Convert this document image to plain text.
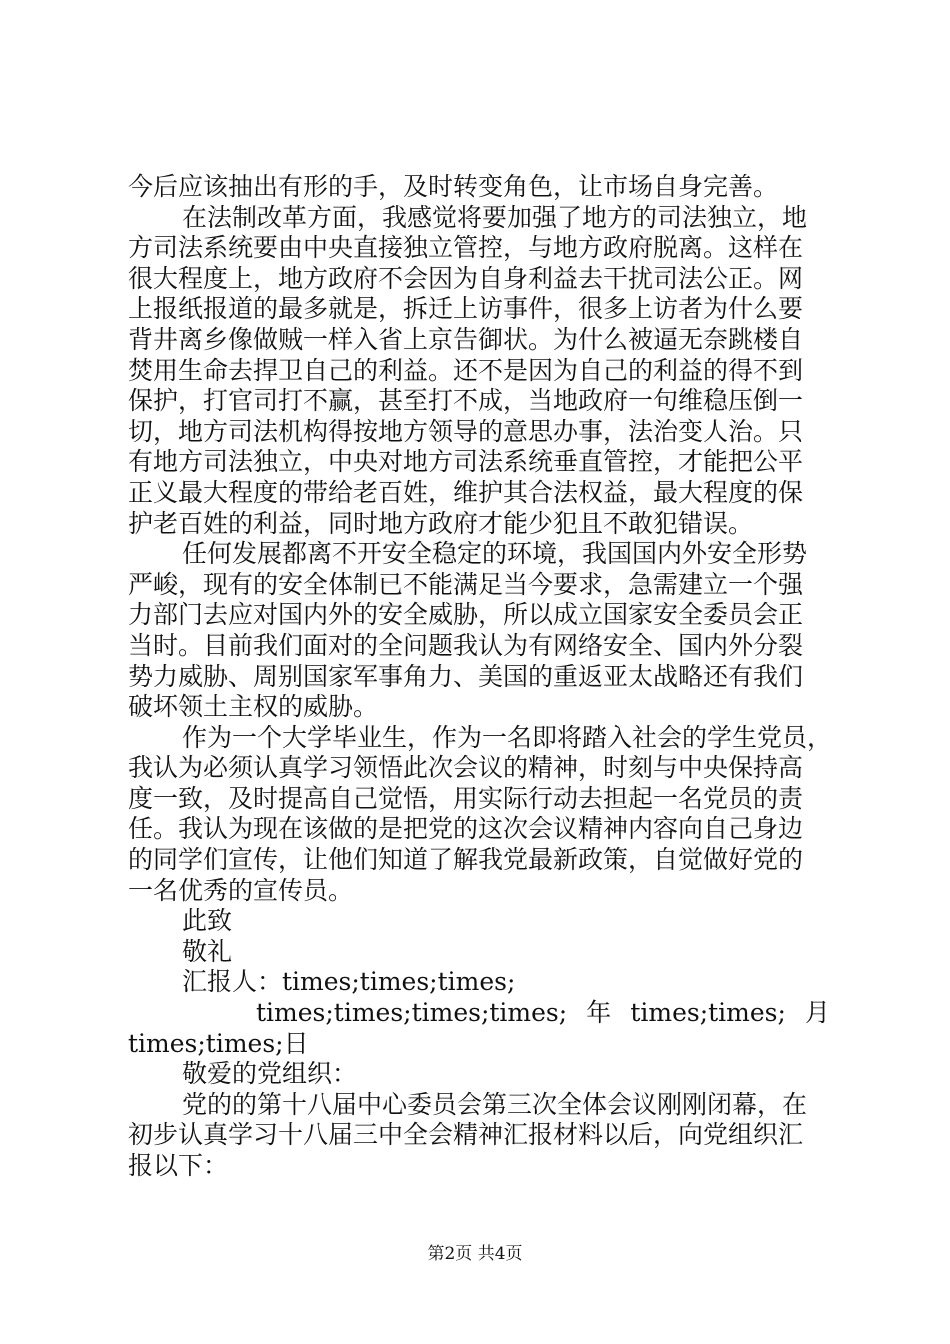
今后应该抽出有形的手，及时转变角色，让市场自身完善。
在法制改革方面，我感觉将要加强了地方的司法独立，地
方司法系统要由中央直接独立管控，与地方政府脱离。这样在
很大程度上，地方政府不会因为自身利益去干扰司法公正。网
上报纸报道的最多就是，拆迁上访事件，很多上访者为什么要
背井离乡像做贼一样入省上京告御状。为什么被逼无奈跳楼自
焚用生命去捍卫自己的利益。还不是因为自己的利益的得不到
保护，打官司打不赢，甚至打不成，当地政府一句维稳压倒一
切，地方司法机构得按地方领导的意思办事，法治变人治。只
有地方司法独立，中央对地方司法系统垂直管控，才能把公平
正义最大程度的带给老百姓，维护其合法权益，最大程度的保
护老百姓的利益，同时地方政府才能少犯且不敢犯错误。
任何发展都离不开安全稳定的环境，我国国内外安全形势
严峻，现有的安全体制已不能满足当今要求，急需建立一个强
力部门去应对国内外的安全威胁，所以成立国家安全委员会正
当时。目前我们面对的全问题我认为有网络安全、国内外分裂
势力威胁、周别国家军事角力、美国的重返亚太战略还有我们
破坏领土主权的威胁。
作为一个大学毕业生，作为一名即将踏入社会的学生党员，
我认为必须认真学习领悟此次会议的精神，时刻与中央保持高
度一致，及时提高自己觉悟，用实际行动去担起一名党员的责
任。我认为现在该做的是把党的这次会议精神内容向自己身边
的同学们宣传，让他们知道了解我党最新政策，自觉做好党的
一名优秀的宣传员。
此致
敬礼
汇报人：times;times;times;
times;times;times;times; 年 times;times; 月
times;times;日
敬爱的党组织：
党的的第十八届中心委员会第三次全体会议刚刚闭幕，在
初步认真学习十八届三中全会精神汇报材料以后，向党组织汇
报以下：
第2页 共4页
